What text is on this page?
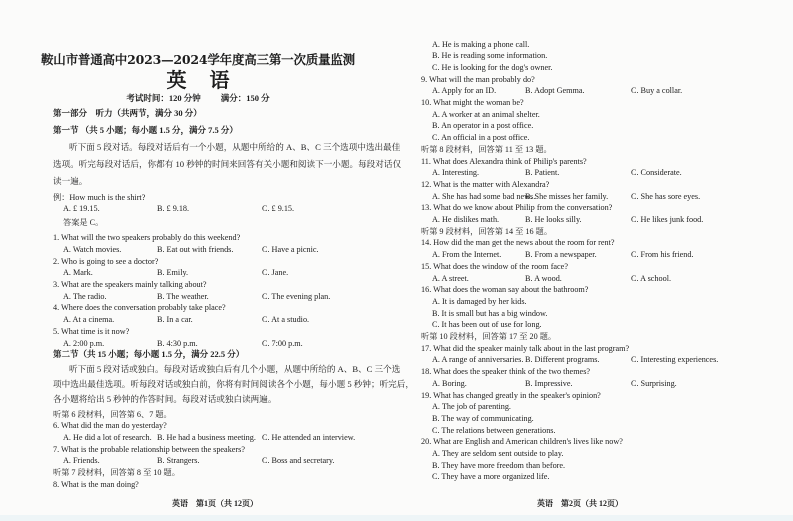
鞍山市普通高中2023—2024学年度高三第一次质量监测
英 语
考试时间：120 分钟 满分：150 分
英语　第1页（共 12页）
第一部分　听力（共两节，满分 30 分）
第一节 （共 5 小题；每小题 1.5 分，满分 7.5 分）
听下面 5 段对话。每段对话后有一个小题，从题中所给的 A、B、C 三个选项中选出最佳
选项。听完每段对话后，你都有 10 秒钟的时间来回答有关小题和阅读下一小题。每段对话仅
读一遍。
例：How much is the shirt?
A. £ 19.15.	B. £ 9.18.	C. £ 9.15.
答案是 C。
1. What will the two speakers probably do this weekend?
A. Watch movies.	B. Eat out with friends.	C. Have a picnic.
2. Who is going to see a doctor?
A. Mark.	B. Emily.	C. Jane.
3. What are the speakers mainly talking about?
A. The radio.	B. The weather.	C. The evening plan.
4. Where does the conversation probably take place?
A. At a cinema.	B. In a car.	C. At a studio.
5. What time is it now?
A. 2:00 p.m.	B. 4:30 p.m.	C. 7:00 p.m.
第二节（共 15 小题；每小题 1.5 分，满分 22.5 分）
听下面 5 段对话或独白。每段对话或独白后有几个小题，从题中所给的 A、B、C 三个选
项中选出最佳选项。听每段对话或独白前，你将有时间阅读各个小题，每小题 5 秒钟；听完后，
各小题将给出 5 秒钟的作答时间。每段对话或独白读两遍。
听第 6 段材料，回答第 6、7 题。
6. What did the man do yesterday?
A. He did a lot of research. B. He had a business meeting. C. He attended an interview.
7. What is the probable relationship between the speakers?
A. Friends.	B. Strangers.	C. Boss and secretary.
听第 7 段材料，回答第 8 至 10 题。
8. What is the man doing?
英语　第2页（共 12页）
A. He is making a phone call.
B. He is reading some information.
C. He is looking for the dog's owner.
9. What will the man probably do?
A. Apply for an ID.	B. Adopt Gemma.	C. Buy a collar.
10. What might the woman be?
A. A worker at an animal shelter.
B. An operator in a post office.
C. An official in a post office.
听第 8 段材料，回答第 11 至 13 题。
11. What does Alexandra think of Philip's parents?
A. Interesting.	B. Patient.	C. Considerate.
12. What is the matter with Alexandra?
A. She has had some bad news.
B. She misses her family.	C. She has sore eyes.
13. What do we know about Philip from the conversation?
A. He dislikes math.	B. He looks silly.	C. He likes junk food.
听第 9 段材料，回答第 14 至 16 题。
14. How did the man get the news about the room for rent?
A. From the Internet.	B. From a newspaper.	C. From his friend.
15. What does the window of the room face?
A. A street.	B. A wood.	C. A school.
16. What does the woman say about the bathroom?
A. It is damaged by her kids.
B. It is small but has a big window.
C. It has been out of use for long.
听第 10 段材料，回答第 17 至 20 题。
17. What did the speaker mainly talk about in the last program?
A. A range of anniversaries. B. Different programs.	C. Interesting experiences.
18. What does the speaker think of the two themes?
A. Boring.	B. Impressive.	C. Surprising.
19. What has changed greatly in the speaker's opinion?
A. The job of parenting.
B. The way of communicating.
C. The relations between generations.
20. What are English and American children's lives like now?
A. They are seldom sent outside to play.
B. They have more freedom than before.
C. They have a more organized life.
